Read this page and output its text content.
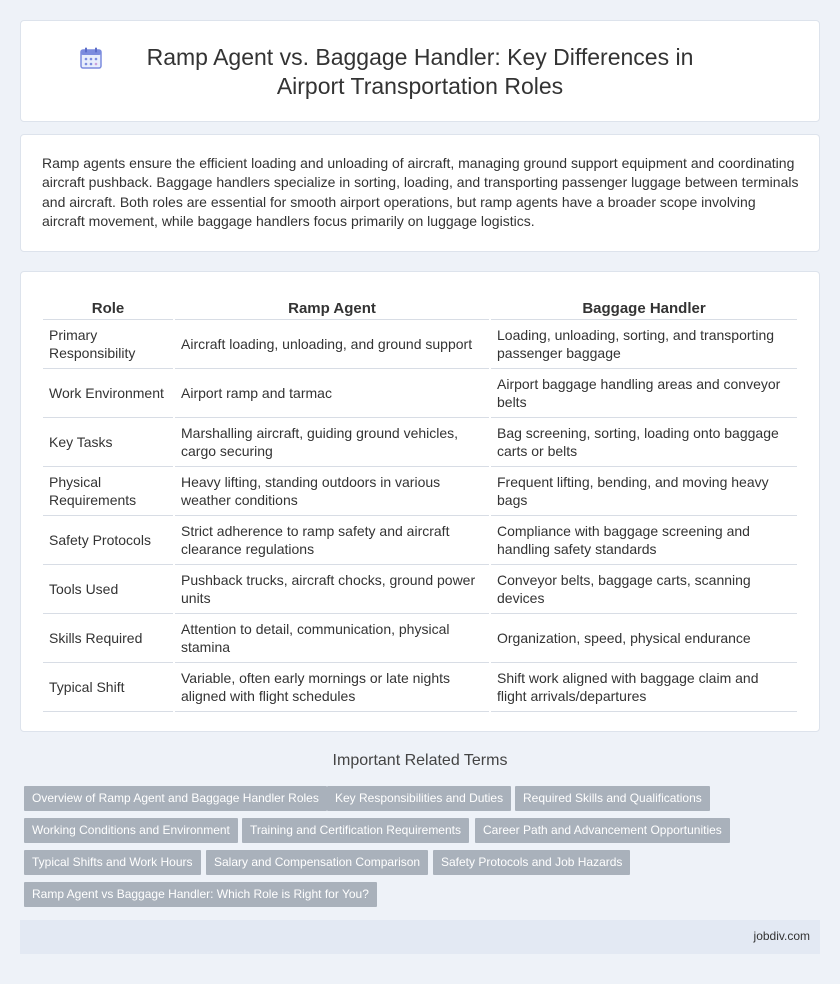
Ramp Agent vs. Baggage Handler: Key Differences in Airport Transportation Roles

Ramp agents ensure the efficient loading and unloading of aircraft, managing ground support equipment and coordinating aircraft pushback. Baggage handlers specialize in sorting, loading, and transporting passenger luggage between terminals and aircraft. Both roles are essential for smooth airport operations, but ramp agents have a broader scope involving aircraft movement, while baggage handlers focus primarily on luggage logistics.

Role	Ramp Agent	Baggage Handler
Primary Responsibility	Aircraft loading, unloading, and ground support	Loading, unloading, sorting, and transporting passenger baggage
Work Environment	Airport ramp and tarmac	Airport baggage handling areas and conveyor belts
Key Tasks	Marshalling aircraft, guiding ground vehicles, cargo securing	Bag screening, sorting, loading onto baggage carts or belts
Physical Requirements	Heavy lifting, standing outdoors in various weather conditions	Frequent lifting, bending, and moving heavy bags
Safety Protocols	Strict adherence to ramp safety and aircraft clearance regulations	Compliance with baggage screening and handling safety standards
Tools Used	Pushback trucks, aircraft chocks, ground power units	Conveyor belts, baggage carts, scanning devices
Skills Required	Attention to detail, communication, physical stamina	Organization, speed, physical endurance
Typical Shift	Variable, often early mornings or late nights aligned with flight schedules	Shift work aligned with baggage claim and flight arrivals/departures
Important Related Terms
Overview of Ramp Agent and Baggage Handler Roles	Key Responsibilities and Duties	Required Skills and Qualifications
Working Conditions and Environment	Training and Certification Requirements	Career Path and Advancement Opportunities
Typical Shifts and Work Hours	Salary and Compensation Comparison	Safety Protocols and Job Hazards
Ramp Agent vs Baggage Handler: Which Role is Right for You?
jobdiv.com
